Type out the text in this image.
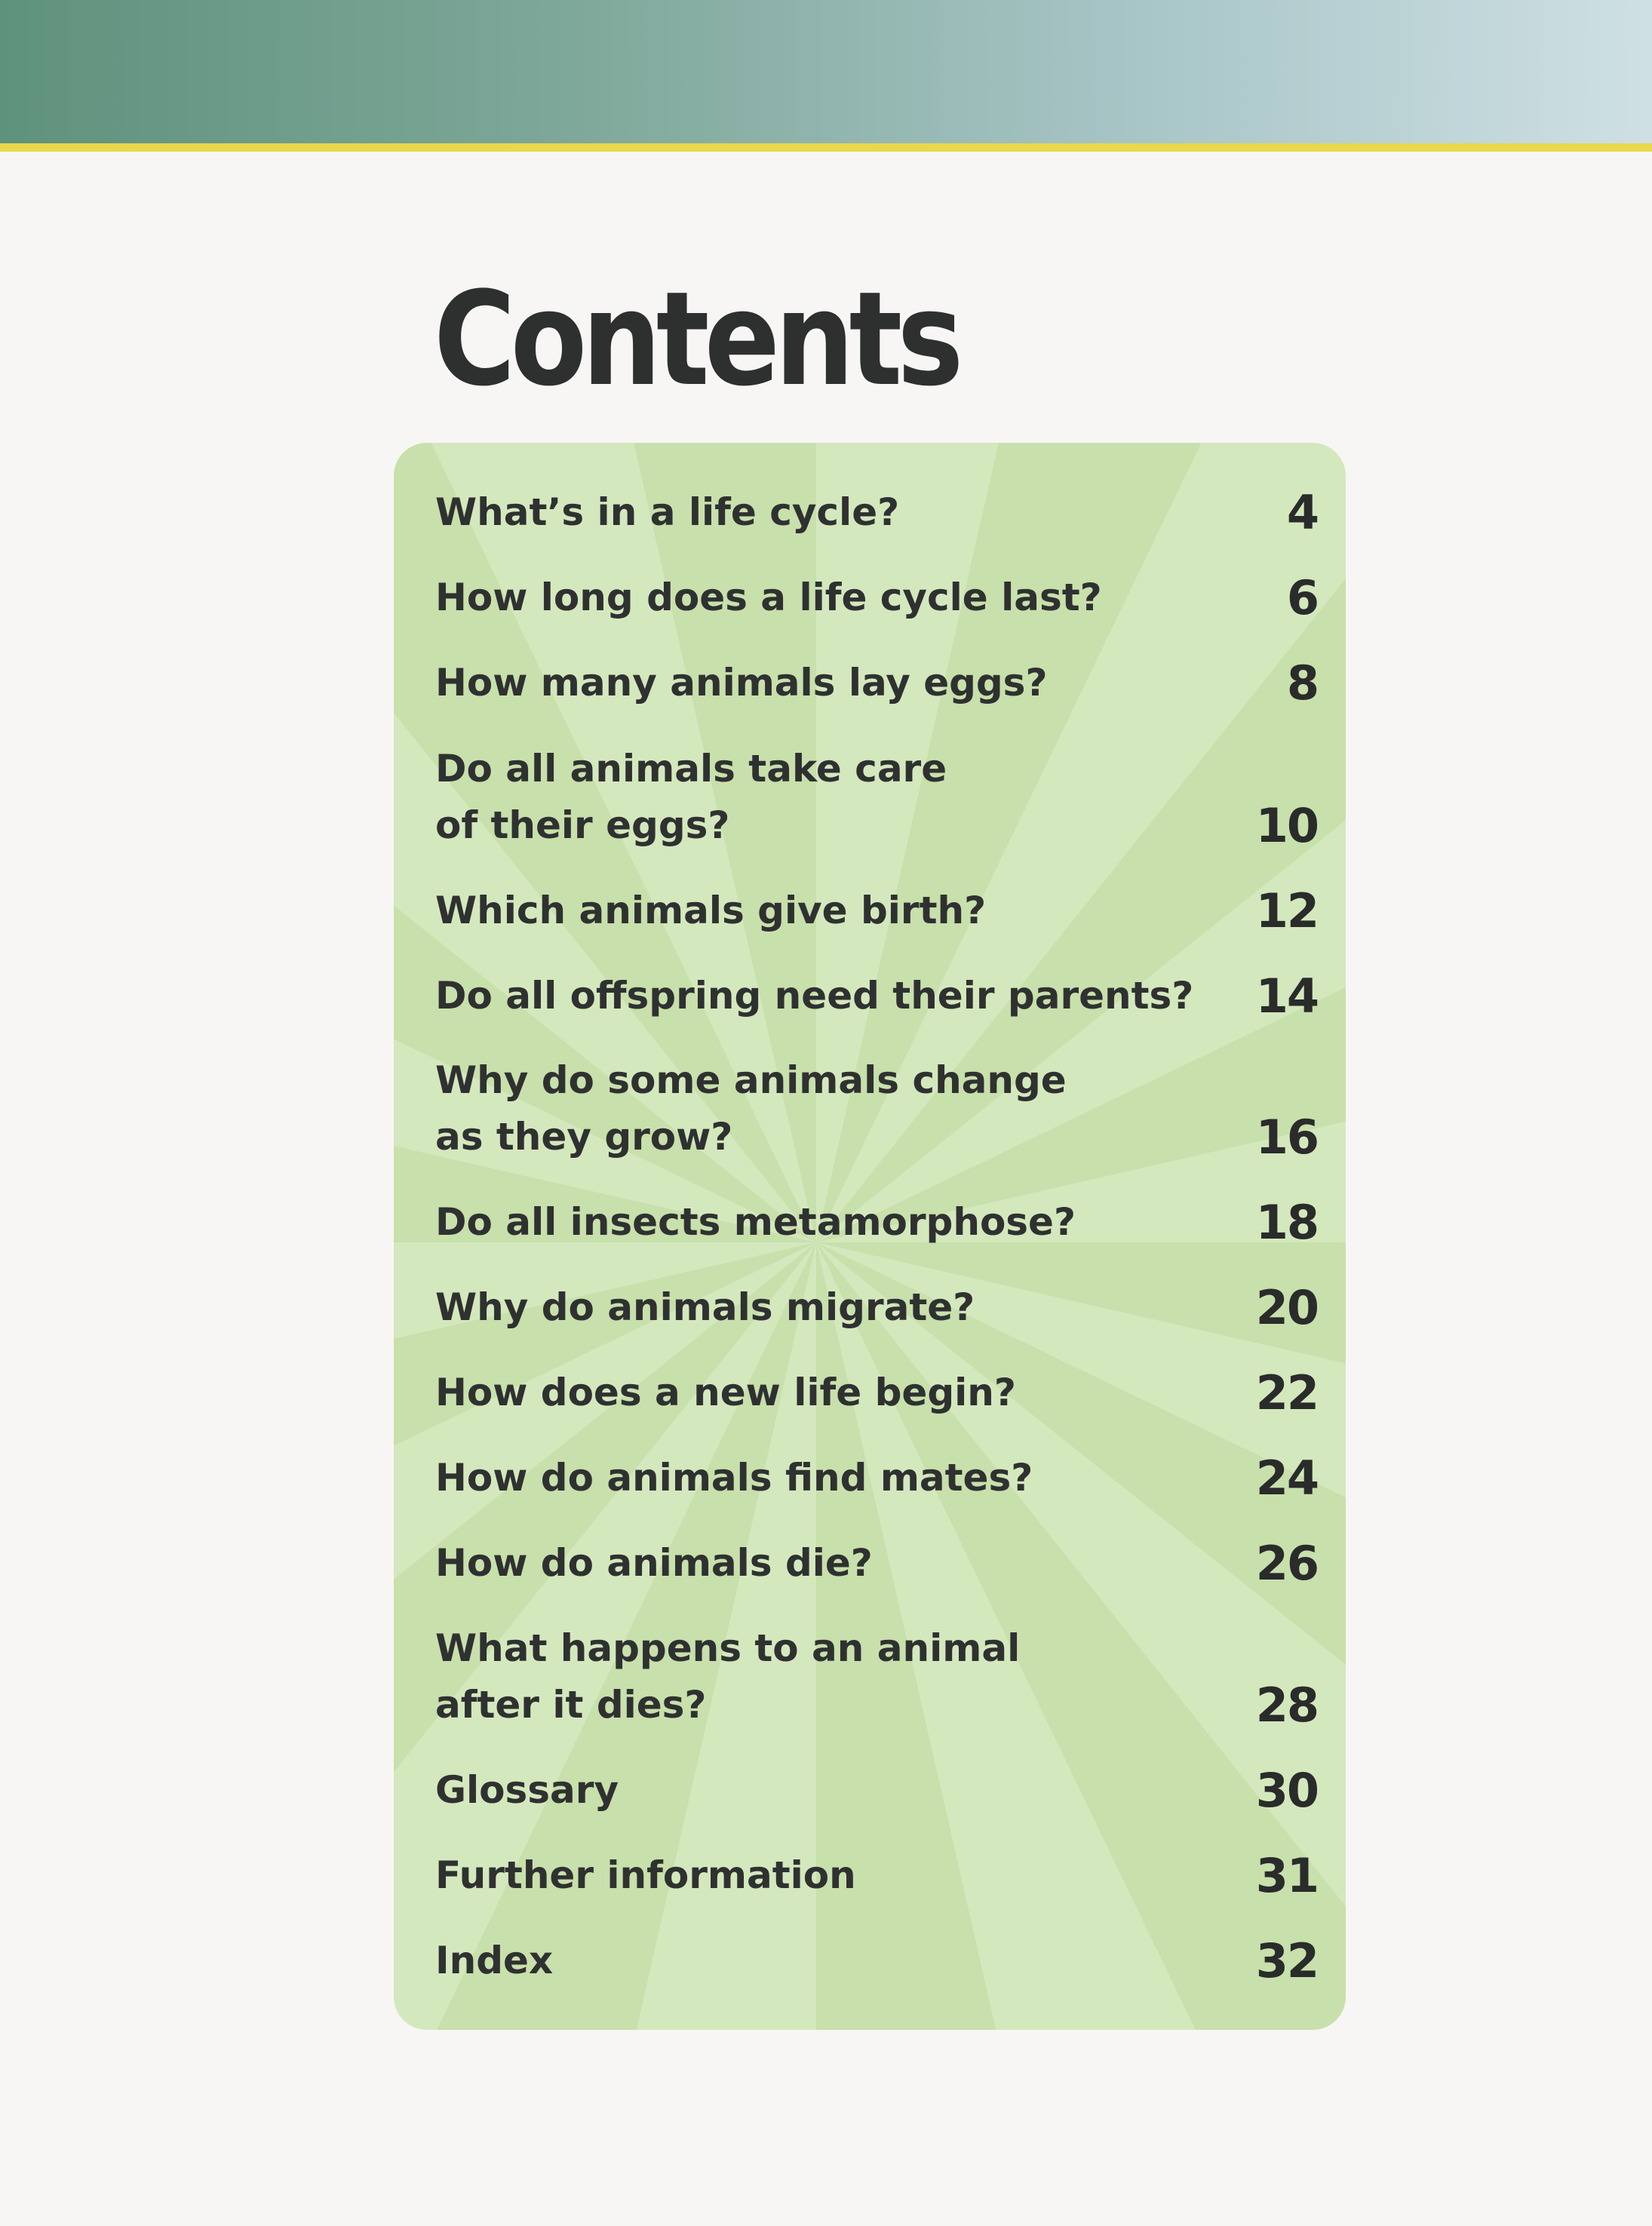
Contents
What’s in a life cycle?	4
How long does a life cycle last?	6
How many animals lay eggs?	8
Do all animals take care
of their eggs?	10
Which animals give birth?	12
Do all offspring need their parents?	14
Why do some animals change
as they grow?	16
Do all insects metamorphose?	18
Why do animals migrate?	20
How does a new life begin?	22
How do animals find mates?	24
How do animals die?	26
What happens to an animal
after it dies?	28
Glossary	30
Further information	31
Index	32
